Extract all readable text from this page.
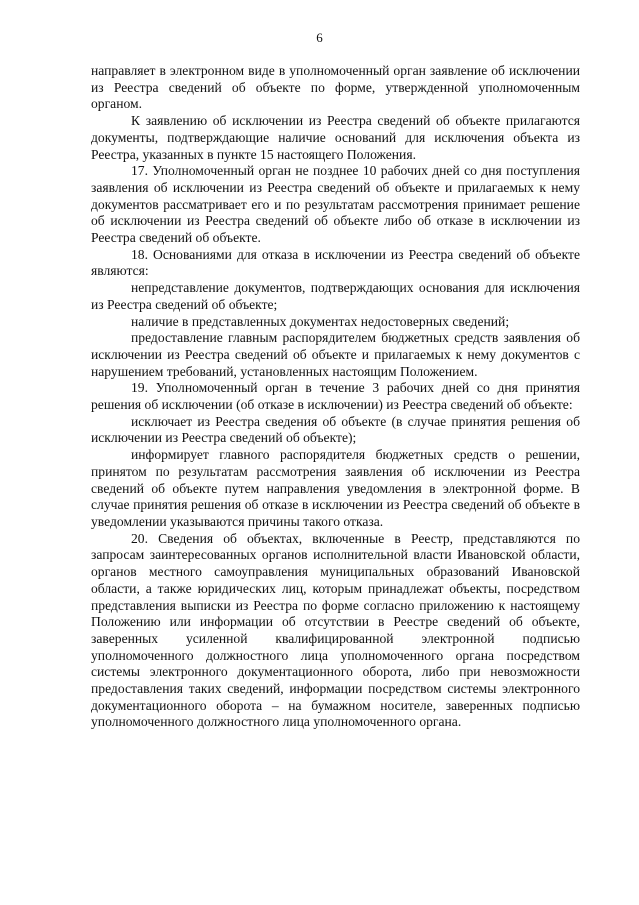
6

направляет в электронном виде в уполномоченный орган заявление об исключении из Реестра сведений об объекте по форме, утвержденной уполномоченным органом.

К заявлению об исключении из Реестра сведений об объекте прилагаются документы, подтверждающие наличие оснований для исключения объекта из Реестра, указанных в пункте 15 настоящего Положения.

17. Уполномоченный орган не позднее 10 рабочих дней со дня поступления заявления об исключении из Реестра сведений об объекте и прилагаемых к нему документов рассматривает его и по результатам рассмотрения принимает решение об исключении из Реестра сведений об объекте либо об отказе в исключении из Реестра сведений об объекте.

18. Основаниями для отказа в исключении из Реестра сведений об объекте являются:

непредставление документов, подтверждающих основания для исключения из Реестра сведений об объекте;

наличие в представленных документах недостоверных сведений;

предоставление главным распорядителем бюджетных средств заявления об исключении из Реестра сведений об объекте и прилагаемых к нему документов с нарушением требований, установленных настоящим Положением.

19. Уполномоченный орган в течение 3 рабочих дней со дня принятия решения об исключении (об отказе в исключении) из Реестра сведений об объекте:

исключает из Реестра сведения об объекте (в случае принятия решения об исключении из Реестра сведений об объекте);

информирует главного распорядителя бюджетных средств о решении, принятом по результатам рассмотрения заявления об исключении из Реестра сведений об объекте путем направления уведомления в электронной форме. В случае принятия решения об отказе в исключении из Реестра сведений об объекте в уведомлении указываются причины такого отказа.

20. Сведения об объектах, включенные в Реестр, представляются по запросам заинтересованных органов исполнительной власти Ивановской области, органов местного самоуправления муниципальных образований Ивановской области, а также юридических лиц, которым принадлежат объекты, посредством представления выписки из Реестра по форме согласно приложению к настоящему Положению или информации об отсутствии в Реестре сведений об объекте, заверенных усиленной квалифицированной электронной подписью уполномоченного должностного лица уполномоченного органа посредством системы электронного документационного оборота, либо при невозможности предоставления таких сведений, информации посредством системы электронного документационного оборота – на бумажном носителе, заверенных подписью уполномоченного должностного лица уполномоченного органа.
